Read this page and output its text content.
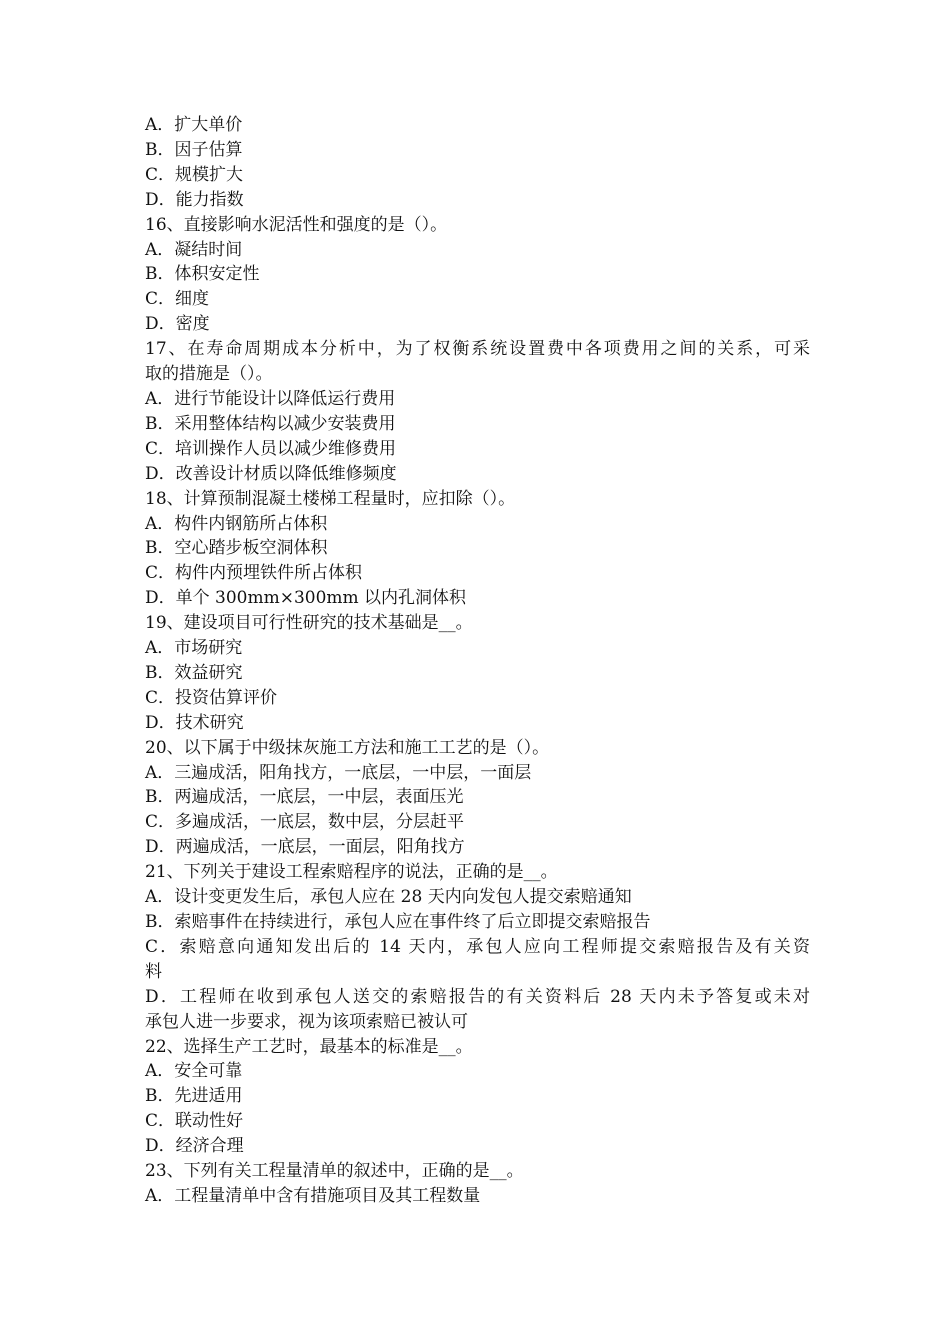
A．扩大单价
B．因子估算
C．规模扩大
D．能力指数
16、直接影响水泥活性和强度的是（）。
A．凝结时间
B．体积安定性
C．细度
D．密度
17、在寿命周期成本分析中，为了权衡系统设置费中各项费用之间的关系，可采
取的措施是（）。
A．进行节能设计以降低运行费用
B．采用整体结构以减少安装费用
C．培训操作人员以减少维修费用
D．改善设计材质以降低维修频度
18、计算预制混凝土楼梯工程量时，应扣除（）。
A．构件内钢筋所占体积
B．空心踏步板空洞体积
C．构件内预埋铁件所占体积
D．单个 300mm×300mm 以内孔洞体积
19、建设项目可行性研究的技术基础是__。
A．市场研究
B．效益研究
C．投资估算评价
D．技术研究
20、以下属于中级抹灰施工方法和施工工艺的是（）。
A．三遍成活，阳角找方，一底层，一中层，一面层
B．两遍成活，一底层，一中层，表面压光
C．多遍成活，一底层，数中层，分层赶平
D．两遍成活，一底层，一面层，阳角找方
21、下列关于建设工程索赔程序的说法，正确的是__。
A．设计变更发生后，承包人应在 28 天内向发包人提交索赔通知
B．索赔事件在持续进行，承包人应在事件终了后立即提交索赔报告
C．索赔意向通知发出后的 14 天内，承包人应向工程师提交索赔报告及有关资
料
D．工程师在收到承包人送交的索赔报告的有关资料后 28 天内未予答复或未对
承包人进一步要求，视为该项索赔已被认可
22、选择生产工艺时，最基本的标准是__。
A．安全可靠
B．先进适用
C．联动性好
D．经济合理
23、下列有关工程量清单的叙述中，正确的是__。
A．工程量清单中含有措施项目及其工程数量
